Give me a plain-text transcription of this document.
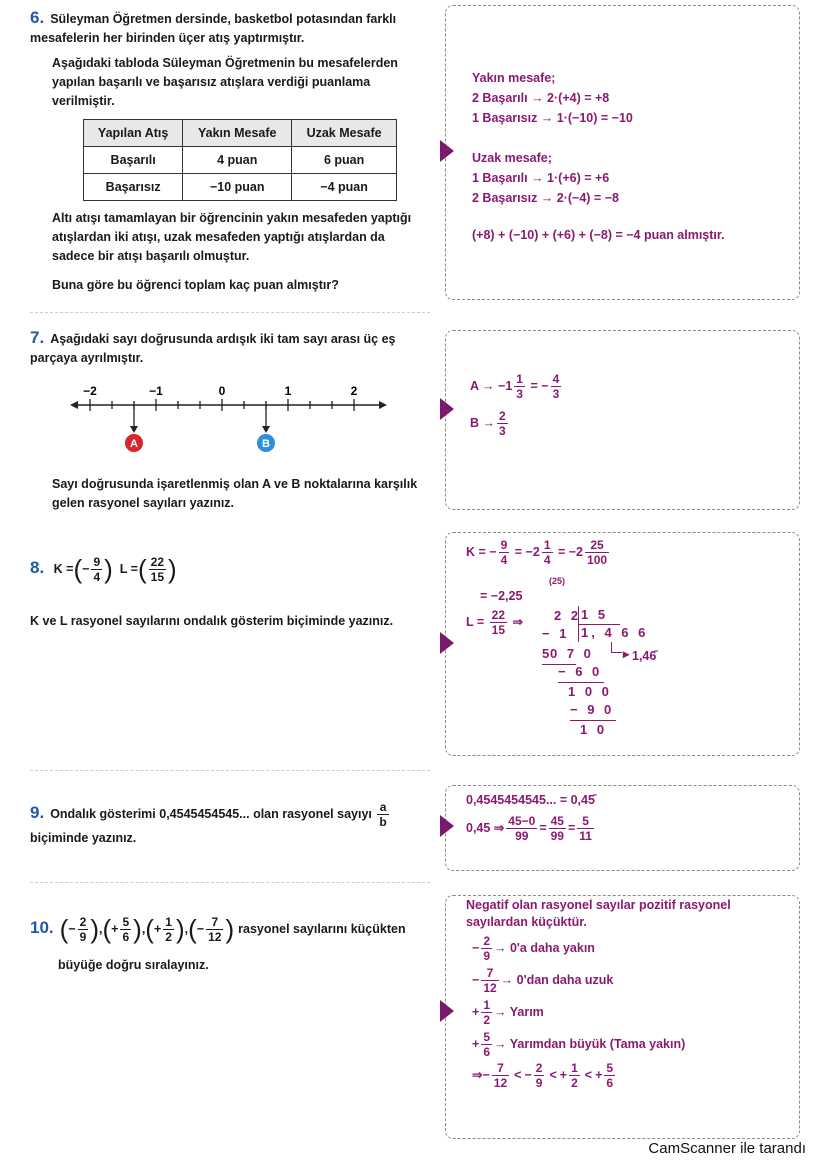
6. Süleyman Öğretmen dersinde, basketbol potasından farklı mesafelerin her birinden üçer atış yaptırmıştır.
Aşağıdaki tabloda Süleyman Öğretmenin bu mesafelerden yapılan başarılı ve başarısız atışlara verdiği puanlama verilmiştir.
Yapılan Atış	Yakın Mesafe	Uzak Mesafe
Başarılı	4 puan	6 puan
Başarısız	−10 puan	−4 puan
Altı atışı tamamlayan bir öğrencinin yakın mesafeden yaptığı atışlardan iki atışı, uzak mesafeden yaptığı atışlardan da sadece bir atışı başarılı olmuştur.
Buna göre bu öğrenci toplam kaç puan almıştır?
Yakın mesafe;
2 Başarılı → 2·(+4) = +8
1 Başarısız → 1·(−10) = −10
Uzak mesafe;
1 Başarılı → 1·(+6) = +6
2 Başarısız → 2·(−4) = −8
(+8) + (−10) + (+6) + (−8) = −4 puan almıştır.
7. Aşağıdaki sayı doğrusunda ardışık iki tam sayı arası üç eş parçaya ayrılmıştır.
−2	−1	0	1	2
A	B
Sayı doğrusunda işaretlenmiş olan A ve B noktalarına karşılık gelen rasyonel sayıları yazınız.
$A \to -1 \frac{1}{3}$ = − $\frac{4}{3}$
$B \to \frac{2}{3}$
8. K =(− $\frac{9}{4}$ ) L =( $\frac{22}{15}$ )
K ve L rasyonel sayılarını ondalık gösterim biçiminde yazınız.
K = − $\frac{9}{4} = -2 \frac{1}{4} = -2 \frac{25}{100}$
(25)
= −2,25
$L = \frac{22}{15}$ ⇒ 2 2 1 5
− 1 5
1, 4 6 6
0 7 0 ▸ 1,46̄
− 6 0
1 0 0
− 9 0
1 0
9. Ondalık gösterimi 0,4545454545... olan rasyonel sayıyı $\frac{a}{b}$
biçiminde yazınız.
0,4545454545... = 0,45̄
0,45 ⇒ $\frac{45-0}{99} = \frac{45}{99} = \frac{5}{11}$
10. (− $\frac{2}{9}$ ),(+ $\frac{5}{6}$ ),(+ $\frac{1}{2}$ ),(− $\frac{7}{12}$ ) rasyonel sayılarını küçükten
büyüğe doğru sıralayınız.
Negatif olan rasyonel sayılar pozitif rasyonel sayılardan küçüktür.
− $\frac{2}{9} \to 0'a$ daha yakın
− $\frac{7}{12} \to 0'dan$ daha uzuk
+ $\frac{1}{2}$ → Yarım
+ $\frac{5}{6}$ → Yarımdan büyük (Tama yakın)
⇒− $\frac{7}{12}$ < − $\frac{2}{9}$ < + $\frac{1}{2}$ < + $\frac{5}{6}$
CamScanner ile tarandı
